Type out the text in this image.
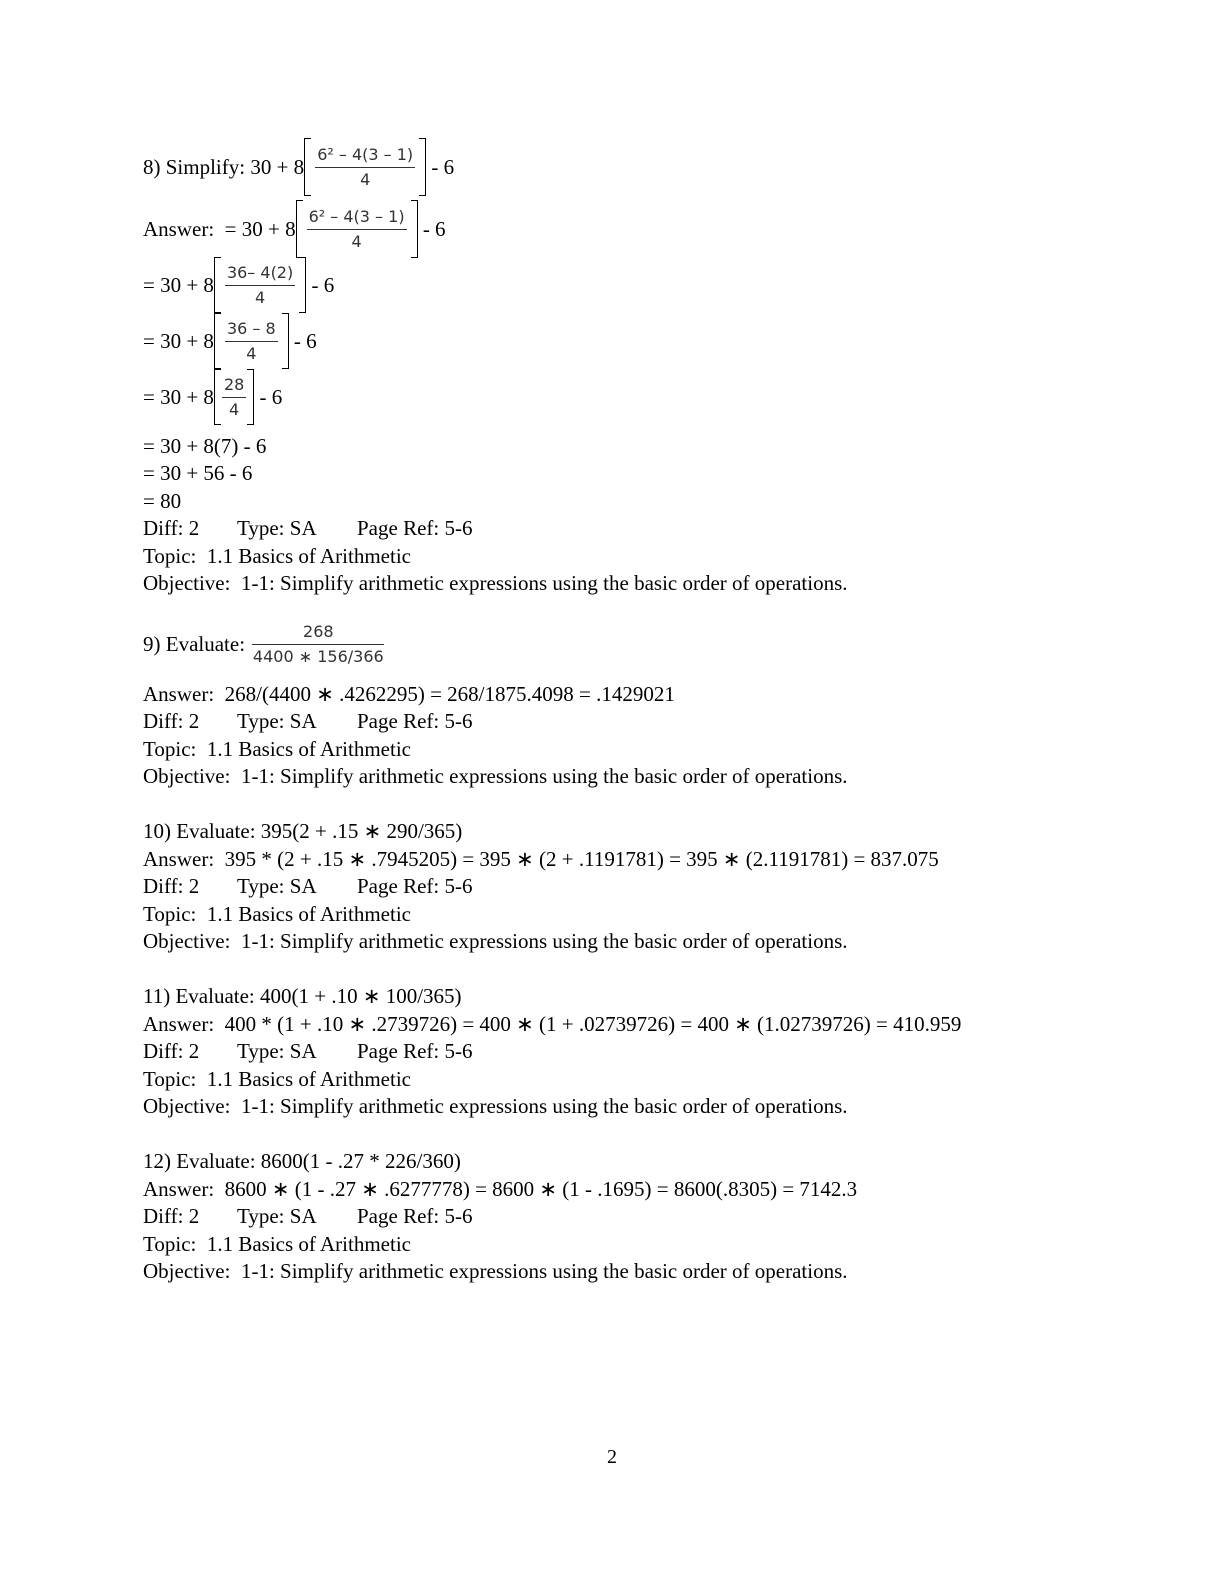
8) Simplify: $30 + 8 \frac{\text{6² – 4(3 – 1)}}{4} - 6$
Answer:  = $30 + 8 \frac{\text{6² – 4(3 – 1)}}{4} - 6$
= $30 + 8 \frac{36- 4(2)}{4} - 6$
= $30 + 8 \frac{36 - 8}{4} - 6$
= $30 + 8 \frac{28}{4} - 6$
= 30 + 8(7) - 6
= 30 + 56 - 6
= 80
Diff: 2 Type: SA Page Ref: 5-6
Topic:  1.1 Basics of Arithmetic
Objective:  1-1: Simplify arithmetic expressions using the basic order of operations.
9) Evaluate: $\frac{268}{4400 ∗ 156/366}$
Answer:  268/(4400 ∗ .4262295) = 268/1875.4098 = .1429021
Diff: 2 Type: SA Page Ref: 5-6
Topic:  1.1 Basics of Arithmetic
Objective:  1-1: Simplify arithmetic expressions using the basic order of operations.
10) Evaluate: 395(2 + .15 ∗ 290/365)
Answer:  395 * (2 + .15 ∗ .7945205) = 395 ∗ (2 + .1191781) = 395 ∗ (2.1191781) = 837.075
Diff: 2 Type: SA Page Ref: 5-6
Topic:  1.1 Basics of Arithmetic
Objective:  1-1: Simplify arithmetic expressions using the basic order of operations.
11) Evaluate: 400(1 + .10 ∗ 100/365)
Answer:  400 * (1 + .10 ∗ .2739726) = 400 ∗ (1 + .02739726) = 400 ∗ (1.02739726) = 410.959
Diff: 2 Type: SA Page Ref: 5-6
Topic:  1.1 Basics of Arithmetic
Objective:  1-1: Simplify arithmetic expressions using the basic order of operations.
12) Evaluate: 8600(1 - .27 * 226/360)
Answer:  8600 ∗ (1 - .27 ∗ .6277778) = 8600 ∗ (1 - .1695) = 8600(.8305) = 7142.3
Diff: 2 Type: SA Page Ref: 5-6
Topic:  1.1 Basics of Arithmetic
Objective:  1-1: Simplify arithmetic expressions using the basic order of operations.
2
